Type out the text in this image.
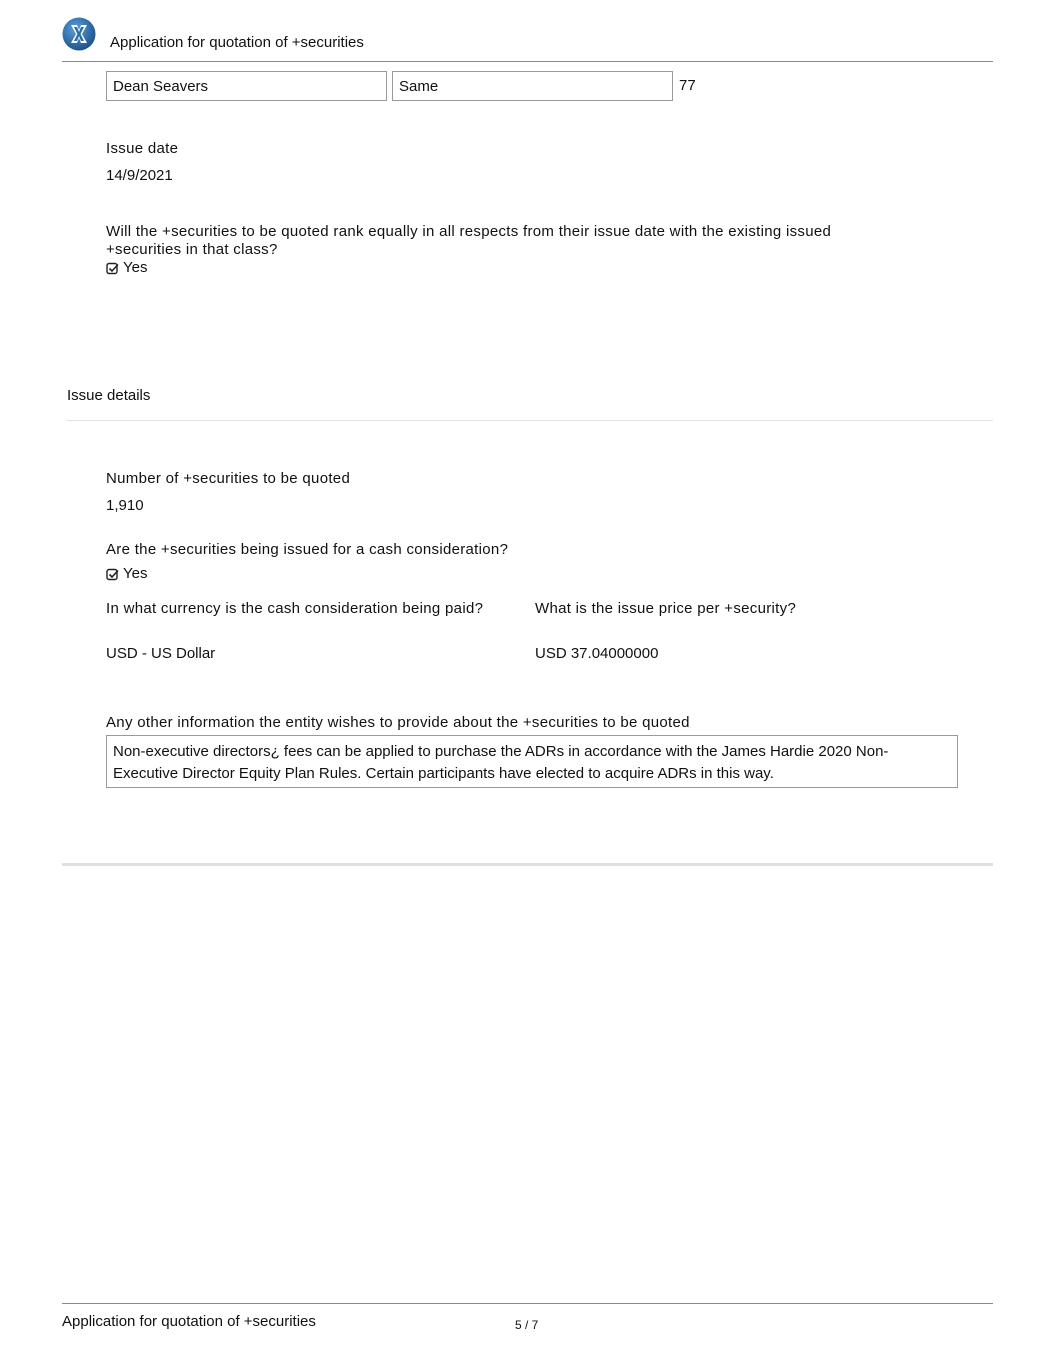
Application for quotation of +securities
Dean Seavers	Same	77
Issue date
14/9/2021
Will the +securities to be quoted rank equally in all respects from their issue date with the existing issued +securities in that class?
Yes
Issue details
Number of +securities to be quoted
1,910
Are the +securities being issued for a cash consideration?
Yes
In what currency is the cash consideration being paid?	What is the issue price per +security?
USD - US Dollar	USD 37.04000000
Any other information the entity wishes to provide about the +securities to be quoted
Non-executive directors¿ fees can be applied to purchase the ADRs in accordance with the James Hardie 2020 Non-Executive Director Equity Plan Rules. Certain participants have elected to acquire ADRs in this way.
Application for quotation of +securities	5 / 7
